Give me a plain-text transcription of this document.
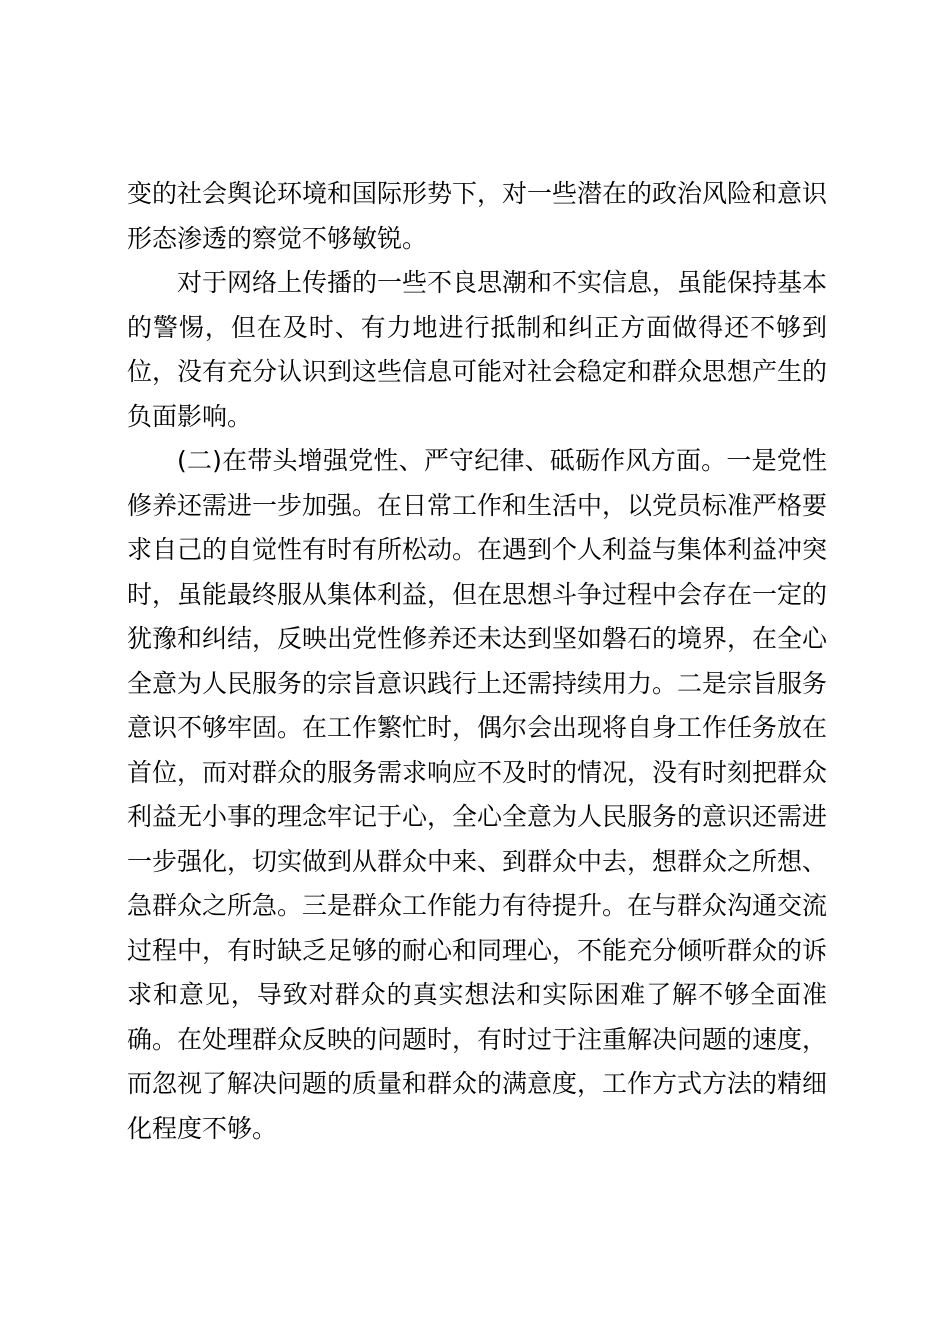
变的社会舆论环境和国际形势下，对一些潜在的政治风险和意识形态渗透的察觉不够敏锐。

对于网络上传播的一些不良思潮和不实信息，虽能保持基本的警惕，但在及时、有力地进行抵制和纠正方面做得还不够到位，没有充分认识到这些信息可能对社会稳定和群众思想产生的负面影响。

(二)在带头增强党性、严守纪律、砥砺作风方面。一是党性修养还需进一步加强。在日常工作和生活中，以党员标准严格要求自己的自觉性有时有所松动。在遇到个人利益与集体利益冲突时，虽能最终服从集体利益，但在思想斗争过程中会存在一定的犹豫和纠结，反映出党性修养还未达到坚如磐石的境界，在全心全意为人民服务的宗旨意识践行上还需持续用力。二是宗旨服务意识不够牢固。在工作繁忙时，偶尔会出现将自身工作任务放在首位，而对群众的服务需求响应不及时的情况，没有时刻把群众利益无小事的理念牢记于心，全心全意为人民服务的意识还需进一步强化，切实做到从群众中来、到群众中去，想群众之所想、急群众之所急。三是群众工作能力有待提升。在与群众沟通交流过程中，有时缺乏足够的耐心和同理心，不能充分倾听群众的诉求和意见，导致对群众的真实想法和实际困难了解不够全面准确。在处理群众反映的问题时，有时过于注重解决问题的速度，而忽视了解决问题的质量和群众的满意度，工作方式方法的精细化程度不够。
